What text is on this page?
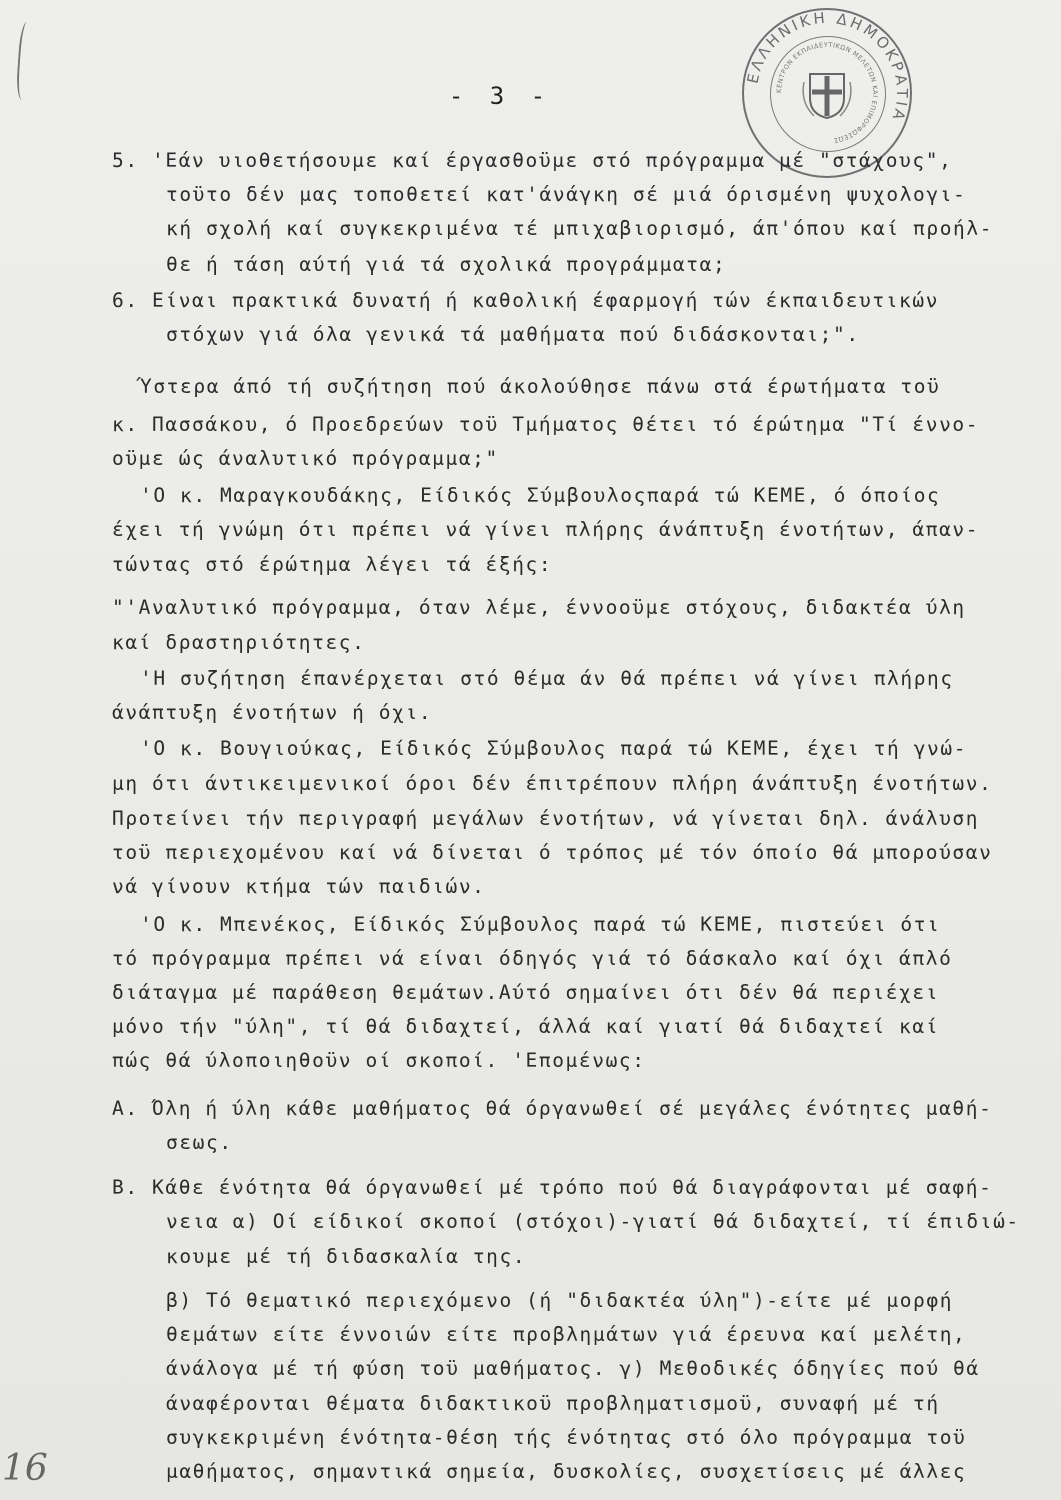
ΕΛΛΗΝΙΚΗ ΔΗΜΟΚΡΑΤΙΑ
ΚΕΝΤΡΟΝ ΕΚΠΑΙΔΕΥΤΙΚΩΝ ΜΕΛΕΤΩΝ ΚΑΙ ΕΠΙΜΟΡΦΩΣΕΩΣ
- 3 -
5. 'Εάν υιοθετήσουμε καί έργασθοϋμε στό πρόγραμμα μέ "στάχους",
τοϋτο δέν μας τοποθετεί κατ'άνάγκη σέ μιά όρισμένη ψυχολογι-
κή σχολή καί συγκεκριμένα τέ μπιχαβιορισμό, άπ'όπου καί προήλ-
θε ή τάση αύτή γιά τά σχολικά προγράμματα;
6. Είναι πρακτικά δυνατή ή καθολική έφαρμογή τών έκπαιδευτικών
στόχων γιά όλα γενικά τά μαθήματα πού διδάσκονται;".
Ύστερα άπό τή συζήτηση πού άκολούθησε πάνω στά έρωτήματα τοϋ
κ. Πασσάκου, ό Προεδρεύων τοϋ Τμήματος θέτει τό έρώτημα "Τί έννο-
οϋμε ώς άναλυτικό πρόγραμμα;"
'Ο κ. Μαραγκουδάκης, Είδικός Σύμβουλοςπαρά τώ ΚΕΜΕ, ό όποίος
έχει τή γνώμη ότι πρέπει νά γίνει πλήρης άνάπτυξη ένοτήτων, άπαν-
τώντας στό έρώτημα λέγει τά έξής:
"'Αναλυτικό πρόγραμμα, όταν λέμε, έννοοϋμε στόχους, διδακτέα ύλη
καί δραστηριότητες.
'Η συζήτηση έπανέρχεται στό θέμα άν θά πρέπει νά γίνει πλήρης
άνάπτυξη ένοτήτων ή όχι.
'Ο κ. Βουγιούκας, Είδικός Σύμβουλος παρά τώ ΚΕΜΕ, έχει τή γνώ-
μη ότι άντικειμενικοί όροι δέν έπιτρέπουν πλήρη άνάπτυξη ένοτήτων.
Προτείνει τήν περιγραφή μεγάλων ένοτήτων, νά γίνεται δηλ. άνάλυση
τοϋ περιεχομένου καί νά δίνεται ό τρόπος μέ τόν όποίο θά μπορούσαν
νά γίνουν κτήμα τών παιδιών.
'Ο κ. Μπενέκος, Είδικός Σύμβουλος παρά τώ ΚΕΜΕ, πιστεύει ότι
τό πρόγραμμα πρέπει νά είναι όδηγός γιά τό δάσκαλο καί όχι άπλό
διάταγμα μέ παράθεση θεμάτων.Αύτό σημαίνει ότι δέν θά περιέχει
μόνο τήν "ύλη", τί θά διδαχτεί, άλλά καί γιατί θά διδαχτεί καί
πώς θά ύλοποιηθοϋν οί σκοποί. 'Επομένως:
Α. Όλη ή ύλη κάθε μαθήματος θά όργανωθεί σέ μεγάλες ένότητες μαθή-
σεως.
Β. Κάθε ένότητα θά όργανωθεί μέ τρόπο πού θά διαγράφονται μέ σαφή-
νεια α) Οί είδικοί σκοποί (στόχοι)-γιατί θά διδαχτεί, τί έπιδιώ-
κουμε μέ τή διδασκαλία της.
β) Τό θεματικό περιεχόμενο (ή "διδακτέα ύλη")-είτε μέ μορφή
θεμάτων είτε έννοιών είτε προβλημάτων γιά έρευνα καί μελέτη,
άνάλογα μέ τή φύση τοϋ μαθήματος. γ) Μεθοδικές όδηγίες πού θά
άναφέρονται θέματα διδακτικοϋ προβληματισμοϋ, συναφή μέ τή
συγκεκριμένη ένότητα-θέση τής ένότητας στό όλο πρόγραμμα τοϋ
μαθήματος, σημαντικά σημεία, δυσκολίες, συσχετίσεις μέ άλλες
16
